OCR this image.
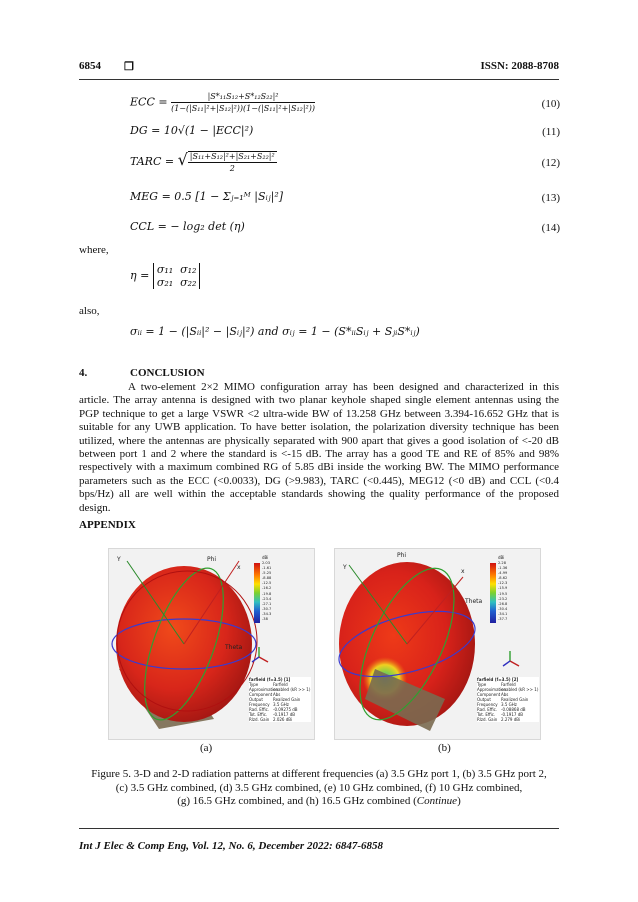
6854 ❒	ISSN: 2088-8708
ECC = $\frac{\text{|S*₁₁S₁₂+S*₁₂S₂₂|²}}{\text{(1−(|S₁₁|²+|S₁₂|²))(1−(|S₁₁|²+|S₁₂|²))}}$	(10)
DG = 10√(1 − |ECC|²)	(11)
TARC = √ $\frac{\text{|S₁₁+S₁₂|²+|S₂₁+S₂₂|²}}{2}$	(12)
MEG = 0.5 [1 − Σⱼ₌₁ᴹ |Sᵢⱼ|²]	(13)
CCL = − log₂ det (η)	(14)
where,
η = σ₁₁ σ₁₂
σ₂₁ σ₂₂
also,
σᵢᵢ = 1 − (|Sᵢᵢ|² − |Sᵢⱼ|²) and σᵢⱼ = 1 − (S*ᵢᵢSᵢⱼ + SⱼᵢS*ᵢⱼ)
4.	CONCLUSION
A two-element 2×2 MIMO configuration array has been designed and characterized in this article. The array antenna is designed with two planar keyhole shaped single element antennas using the PGP technique to get a large VSWR <2 ultra-wide BW of 13.258 GHz between 3.394-16.652 GHz that is suitable for any UWB application. To have better isolation, the polarization diversity technique has been utilized, where the antennas are physically separated with 900 apart that gives a good isolation of <-20 dB between port 1 and 2 where the standard is <-15 dB. The array has a good TE and RE of 85% and 98% respectively with a maximum combined RG of 5.85 dBi inside the working BW. The MIMO performance parameters such as the ECC (<0.0033), DG (>9.983), TARC (<0.445), MEG12 (<0 dB) and CCL (<0.4 bps/Hz) all are well within the acceptable standards showing the quality performance of the proposed design.
APPENDIX
Y	Phi
x
Theta
dBi
2.03
-1.61
-5.25
-8.88
-12.5
-16.2
-19.8
-23.4
-27.1
-30.7
-34.3
-38
farfield (f=3.5) [1]
Type	Farfield
Approximationenabled (kR >> 1)
ComponentAbs
Output	Realized Gain
Frequency 3.5 GHz
Rad. Effic. -0.09275 dB
Tot. Effic. -0.1917 dB
Rlzd. Gain 2.026 dBi
Y
Phi
x
Theta
dBi
2.28
-1.36
-4.99
-8.62
-12.3
-15.9
-19.5
-23.2
-26.8
-30.4
-34.1
-37.7
farfield (f=3.5) [2]
Type	Farfield
Approximationenabled (kR >> 1)
ComponentAbs
Output	Realized Gain
Frequency 3.5 GHz
Rad. Effic. -0.08868 dB
Tot. Effic. -0.1917 dB
Rlzd. Gain 2.279 dBi
(a)	(b)
Figure 5. 3-D and 2-D radiation patterns at different frequencies (a) 3.5 GHz port 1, (b) 3.5 GHz port 2,
(c) 3.5 GHz combined, (d) 3.5 GHz combined, (e) 10 GHz combined, (f) 10 GHz combined,
(g) 16.5 GHz combined, and (h) 16.5 GHz combined (Continue)
Int J Elec & Comp Eng, Vol. 12, No. 6, December 2022: 6847-6858
